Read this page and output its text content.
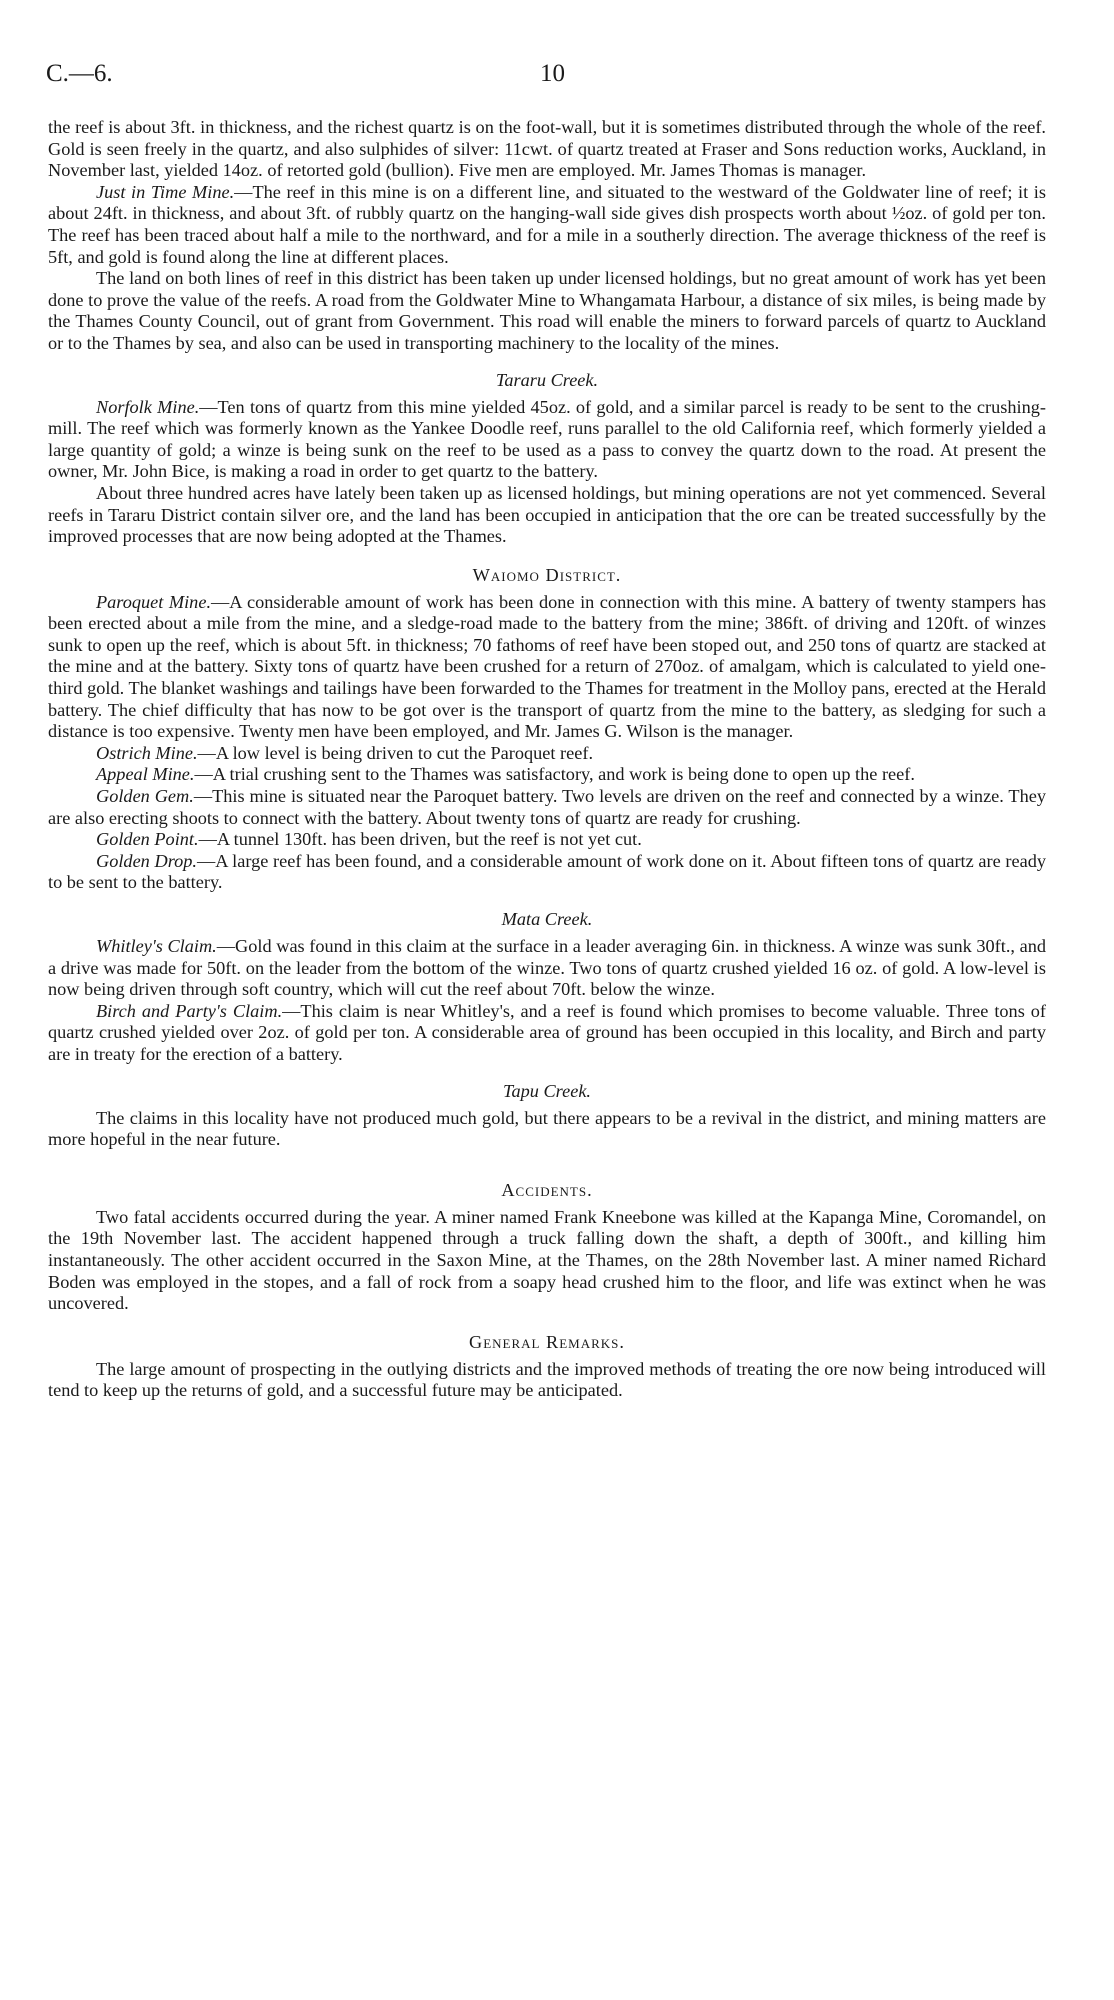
C.—6.	10

the reef is about 3ft. in thickness, and the richest quartz is on the foot-wall, but it is sometimes distributed through the whole of the reef. Gold is seen freely in the quartz, and also sulphides of silver: 11cwt. of quartz treated at Fraser and Sons reduction works, Auckland, in November last, yielded 14oz. of retorted gold (bullion). Five men are employed. Mr. James Thomas is manager.

Just in Time Mine.—The reef in this mine is on a different line, and situated to the westward of the Goldwater line of reef; it is about 24ft. in thickness, and about 3ft. of rubbly quartz on the hanging-wall side gives dish prospects worth about ½oz. of gold per ton. The reef has been traced about half a mile to the northward, and for a mile in a southerly direction. The average thickness of the reef is 5ft, and gold is found along the line at different places.

The land on both lines of reef in this district has been taken up under licensed holdings, but no great amount of work has yet been done to prove the value of the reefs. A road from the Goldwater Mine to Whangamata Harbour, a distance of six miles, is being made by the Thames County Council, out of grant from Government. This road will enable the miners to forward parcels of quartz to Auckland or to the Thames by sea, and also can be used in transporting machinery to the locality of the mines.

Tararu Creek.

Norfolk Mine.—Ten tons of quartz from this mine yielded 45oz. of gold, and a similar parcel is ready to be sent to the crushing-mill. The reef which was formerly known as the Yankee Doodle reef, runs parallel to the old California reef, which formerly yielded a large quantity of gold; a winze is being sunk on the reef to be used as a pass to convey the quartz down to the road. At present the owner, Mr. John Bice, is making a road in order to get quartz to the battery.

About three hundred acres have lately been taken up as licensed holdings, but mining operations are not yet commenced. Several reefs in Tararu District contain silver ore, and the land has been occupied in anticipation that the ore can be treated successfully by the improved processes that are now being adopted at the Thames.

Waiomo District.

Paroquet Mine.—A considerable amount of work has been done in connection with this mine. A battery of twenty stampers has been erected about a mile from the mine, and a sledge-road made to the battery from the mine; 386ft. of driving and 120ft. of winzes sunk to open up the reef, which is about 5ft. in thickness; 70 fathoms of reef have been stoped out, and 250 tons of quartz are stacked at the mine and at the battery. Sixty tons of quartz have been crushed for a return of 270oz. of amalgam, which is calculated to yield one-third gold. The blanket washings and tailings have been forwarded to the Thames for treatment in the Molloy pans, erected at the Herald battery. The chief difficulty that has now to be got over is the transport of quartz from the mine to the battery, as sledging for such a distance is too expensive. Twenty men have been employed, and Mr. James G. Wilson is the manager.

Ostrich Mine.—A low level is being driven to cut the Paroquet reef.

Appeal Mine.—A trial crushing sent to the Thames was satisfactory, and work is being done to open up the reef.

Golden Gem.—This mine is situated near the Paroquet battery. Two levels are driven on the reef and connected by a winze. They are also erecting shoots to connect with the battery. About twenty tons of quartz are ready for crushing.

Golden Point.—A tunnel 130ft. has been driven, but the reef is not yet cut.

Golden Drop.—A large reef has been found, and a considerable amount of work done on it. About fifteen tons of quartz are ready to be sent to the battery.

Mata Creek.

Whitley's Claim.—Gold was found in this claim at the surface in a leader averaging 6in. in thickness. A winze was sunk 30ft., and a drive was made for 50ft. on the leader from the bottom of the winze. Two tons of quartz crushed yielded 16 oz. of gold. A low-level is now being driven through soft country, which will cut the reef about 70ft. below the winze.

Birch and Party's Claim.—This claim is near Whitley's, and a reef is found which promises to become valuable. Three tons of quartz crushed yielded over 2oz. of gold per ton. A considerable area of ground has been occupied in this locality, and Birch and party are in treaty for the erection of a battery.

Tapu Creek.

The claims in this locality have not produced much gold, but there appears to be a revival in the district, and mining matters are more hopeful in the near future.

Accidents.

Two fatal accidents occurred during the year. A miner named Frank Kneebone was killed at the Kapanga Mine, Coromandel, on the 19th November last. The accident happened through a truck falling down the shaft, a depth of 300ft., and killing him instantaneously. The other accident occurred in the Saxon Mine, at the Thames, on the 28th November last. A miner named Richard Boden was employed in the stopes, and a fall of rock from a soapy head crushed him to the floor, and life was extinct when he was uncovered.

General Remarks.

The large amount of prospecting in the outlying districts and the improved methods of treating the ore now being introduced will tend to keep up the returns of gold, and a successful future may be anticipated.
